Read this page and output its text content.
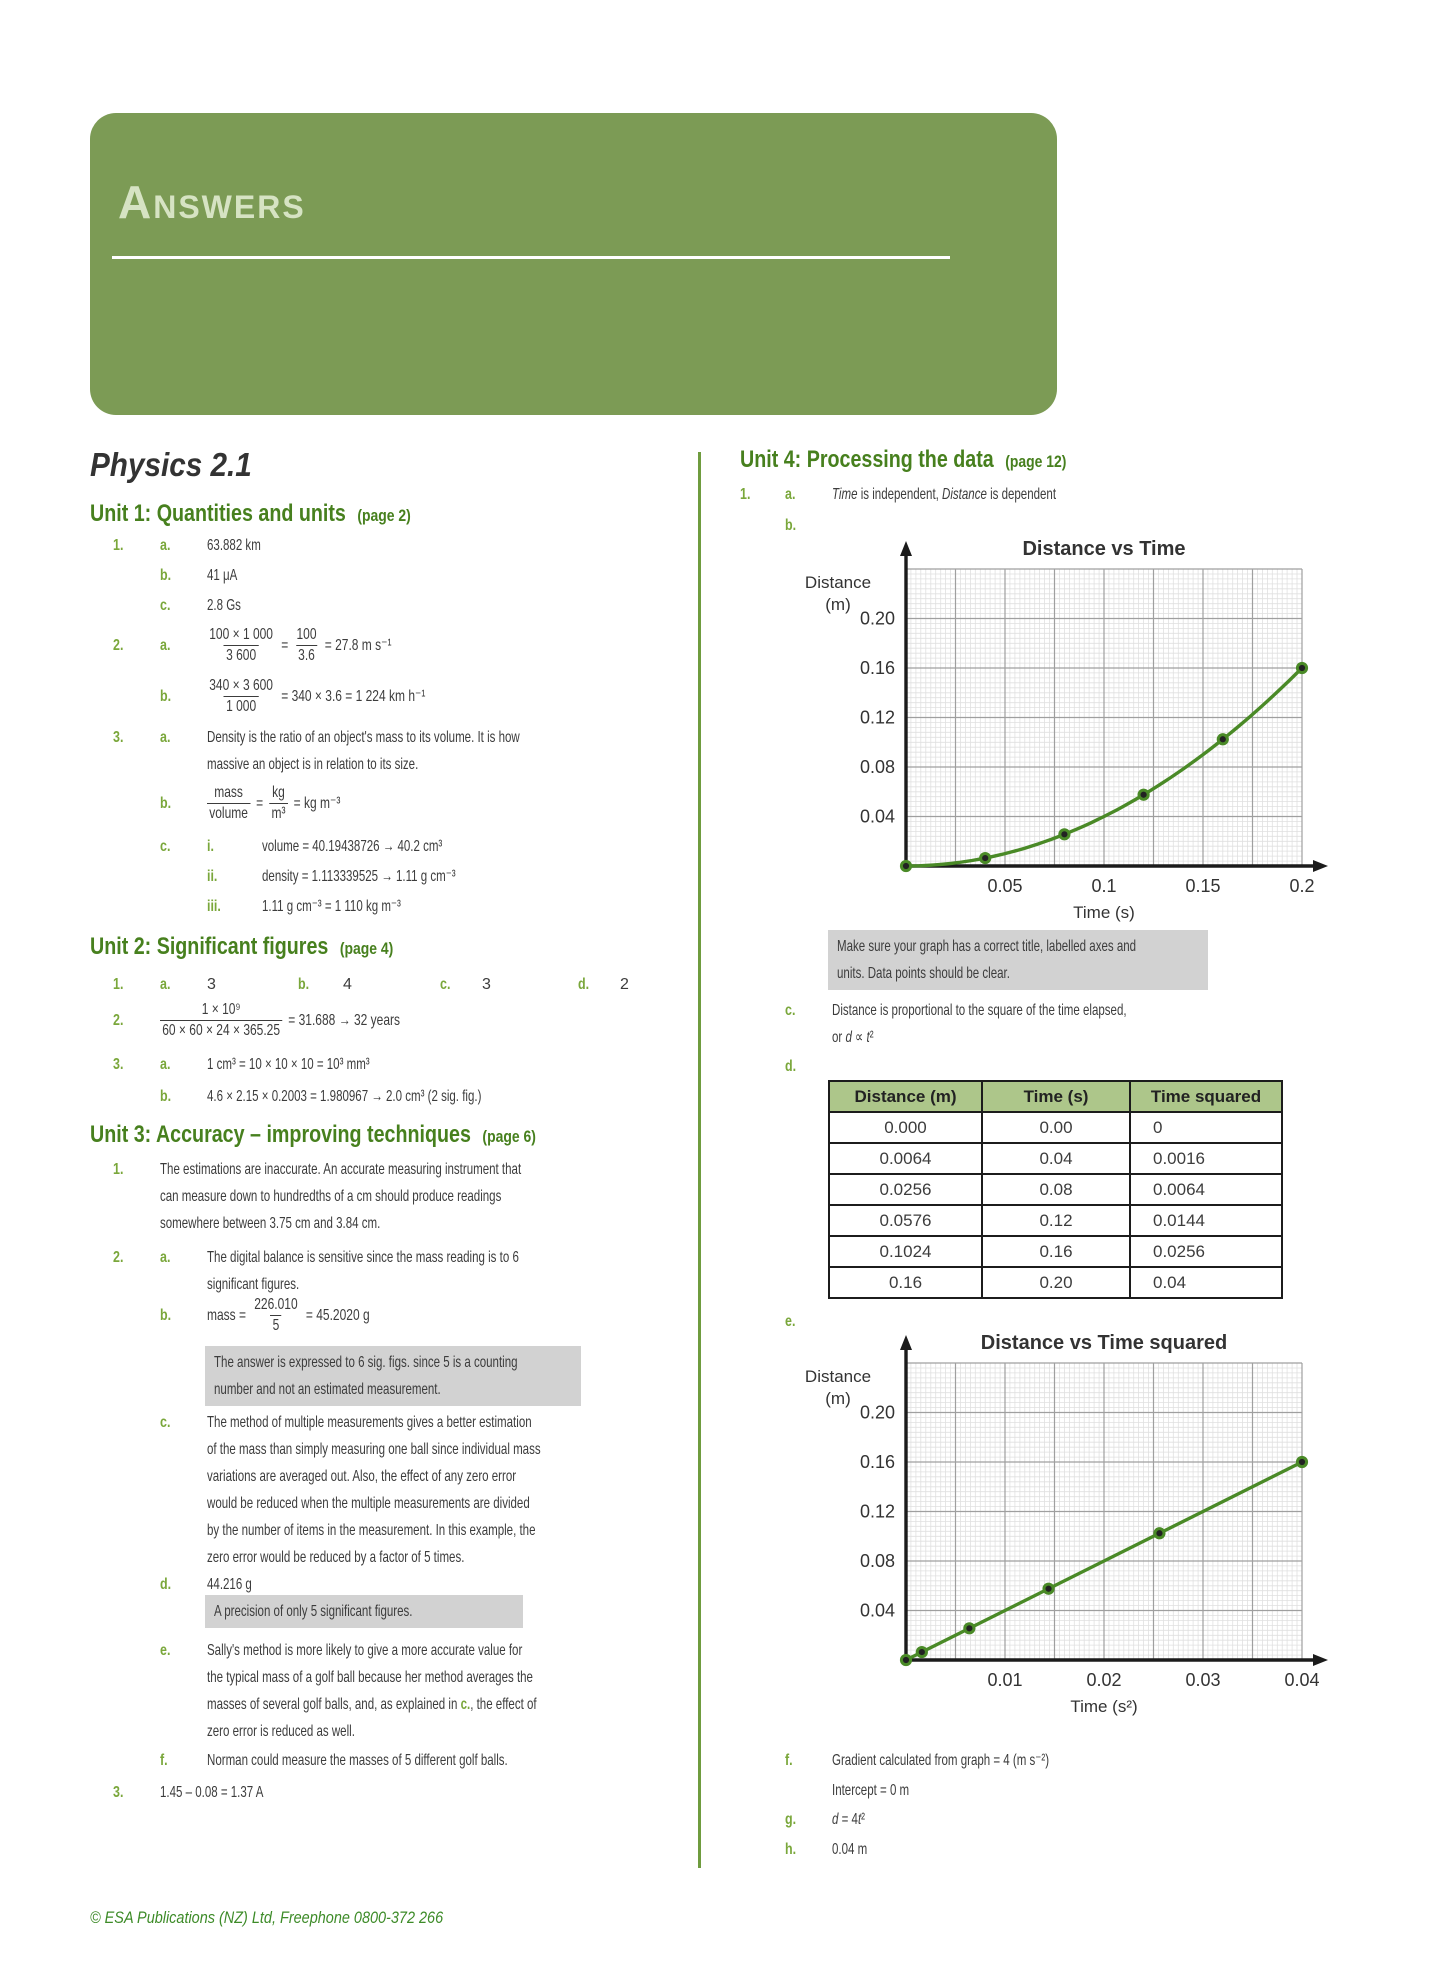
Answers
Physics 2.1
Unit 1: Quantities and units (page 2)
1.	a.	63.882 km
b.	41 μA
c.	2.8 Gs
2.	a.	$\frac{100 \times 1 000}{3 600} = \frac{100}{3.6} = 27.8$ m s⁻¹
b.	$\frac{340 \times 3 600}{1 000} = 340 \times 3.6 = 1$ 224 km h⁻¹
3.	a.	Density is the ratio of an object's mass to its volume. It is how
massive an object is in relation to its size.
b.	$\frac{\text{mass}}{\text{volume}} = \frac{kg}{\text{m³}}$ = kg m⁻³
c.	i.	volume = 40.19438726 → 40.2 cm³
ii.	density = 1.113339525 → 1.11 g cm⁻³
iii.	1.11 g cm⁻³ = 1 110 kg m⁻³
Unit 2: Significant figures (page 4)
1.	a.	3	b.	4	c.	3	d.	2
2.	$\frac{\text{1 × 10⁹}}{60 \times 60 \times 24 \times 365.25} = 31.688 \to 32$ years
3.	a.	1 cm³ = 10 × 10 × 10 = 10³ mm³
b.	4.6 × 2.15 × 0.2003 = 1.980967 → 2.0 cm³ (2 sig. fig.)
Unit 3: Accuracy – improving techniques (page 6)
1.	The estimations are inaccurate. An accurate measuring instrument that
can measure down to hundredths of a cm should produce readings
somewhere between 3.75 cm and 3.84 cm.
2.	a.	The digital balance is sensitive since the mass reading is to 6
significant figures.
b.	mass = $\frac{226.010}{5} = 45.2020$ g
The answer is expressed to 6 sig. figs. since 5 is a counting
number and not an estimated measurement.
c.	The method of multiple measurements gives a better estimation
of the mass than simply measuring one ball since individual mass
variations are averaged out. Also, the effect of any zero error
would be reduced when the multiple measurements are divided
by the number of items in the measurement. In this example, the
zero error would be reduced by a factor of 5 times.
d.	44.216 g
A precision of only 5 significant figures.
e.	Sally's method is more likely to give a more accurate value for
the typical mass of a golf ball because her method averages the
masses of several golf balls, and, as explained in c., the effect of
zero error is reduced as well.
f.	Norman could measure the masses of 5 different golf balls.
3.	1.45 – 0.08 = 1.37 A
Unit 4: Processing the data (page 12)
1.	a.	Time is independent, Distance is dependent
b.
0.05	0.1	0.15	0.2
0.04
0.08
0.12
0.16
0.20
Distance vs Time
Distance
(m)
Time (s)
Make sure your graph has a correct title, labelled axes and
units. Data points should be clear.
c.	Distance is proportional to the square of the time elapsed,
or d ∝ t²
d.
Distance (m)	Time (s)	Time squared
0.000	0.00	0
0.0064	0.04	0.0016
0.0256	0.08	0.0064
0.0576	0.12	0.0144
0.1024	0.16	0.0256
0.16	0.20	0.04
e.
0.01	0.02	0.03	0.04
0.04
0.08
0.12
0.16
0.20
Distance vs Time squared
Distance
(m)
Time (s²)
f.	Gradient calculated from graph = 4 (m s⁻²)
Intercept = 0 m
g.	d = 4t²
h.	0.04 m
© ESA Publications (NZ) Ltd, Freephone 0800-372 266
